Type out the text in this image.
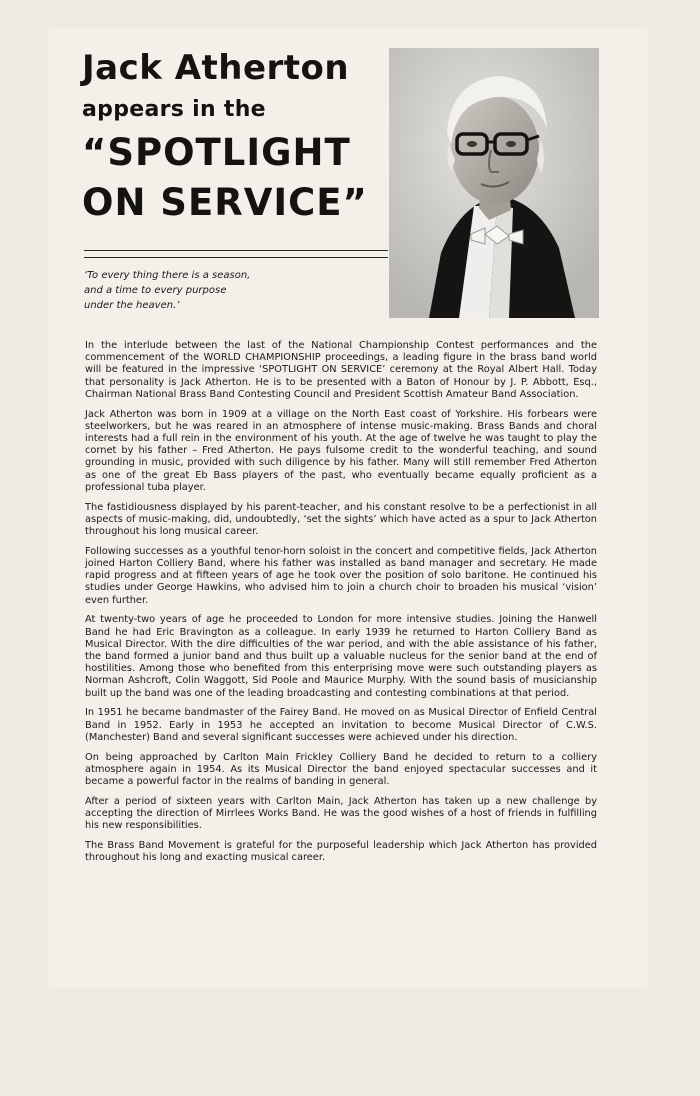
Jack Atherton
appears in the
“SPOTLIGHT
ON SERVICE”
‘To every thing there is a season,
and a time to every purpose
under the heaven.’

In the interlude between the last of the National Championship Contest performances and the commencement of the WORLD CHAMPIONSHIP proceedings, a leading figure in the brass band world will be featured in the impressive ‘SPOTLIGHT ON SERVICE’ ceremony at the Royal Albert Hall. Today that personality is Jack Atherton. He is to be presented with a Baton of Honour by J. P. Abbott, Esq., Chairman National Brass Band Contesting Council and President Scottish Amateur Band Association.

Jack Atherton was born in 1909 at a village on the North East coast of Yorkshire. His forbears were steelworkers, but he was reared in an atmosphere of intense music-making. Brass Bands and choral interests had a full rein in the environment of his youth. At the age of twelve he was taught to play the cornet by his father – Fred Atherton. He pays fulsome credit to the wonderful teaching, and sound grounding in music, provided with such diligence by his father. Many will still remember Fred Atherton as one of the great Eb Bass players of the past, who eventually became equally proficient as a professional tuba player.

The fastidiousness displayed by his parent-teacher, and his constant resolve to be a perfectionist in all aspects of music-making, did, undoubtedly, ‘set the sights’ which have acted as a spur to Jack Atherton throughout his long musical career.

Following successes as a youthful tenor-horn soloist in the concert and competitive fields, Jack Atherton joined Harton Colliery Band, where his father was installed as band manager and secretary. He made rapid progress and at fifteen years of age he took over the position of solo baritone. He continued his studies under George Hawkins, who advised him to join a church choir to broaden his musical ‘vision’ even further.

At twenty-two years of age he proceeded to London for more intensive studies. Joining the Hanwell Band he had Eric Bravington as a colleague. In early 1939 he returned to Harton Colliery Band as Musical Director. With the dire difficulties of the war period, and with the able assistance of his father, the band formed a junior band and thus built up a valuable nucleus for the senior band at the end of hostilities. Among those who benefited from this enterprising move were such outstanding players as Norman Ashcroft, Colin Waggott, Sid Poole and Maurice Murphy. With the sound basis of musicianship built up the band was one of the leading broadcasting and contesting combinations at that period.

In 1951 he became bandmaster of the Fairey Band. He moved on as Musical Director of Enfield Central Band in 1952. Early in 1953 he accepted an invitation to become Musical Director of C.W.S. (Manchester) Band and several significant successes were achieved under his direction.

On being approached by Carlton Main Frickley Colliery Band he decided to return to a colliery atmosphere again in 1954. As its Musical Director the band enjoyed spectacular successes and it became a powerful factor in the realms of banding in general.

After a period of sixteen years with Carlton Main, Jack Atherton has taken up a new challenge by accepting the direction of Mirrlees Works Band. He was the good wishes of a host of friends in fulfilling his new responsibilities.

The Brass Band Movement is grateful for the purposeful leadership which Jack Atherton has provided throughout his long and exacting musical career.
